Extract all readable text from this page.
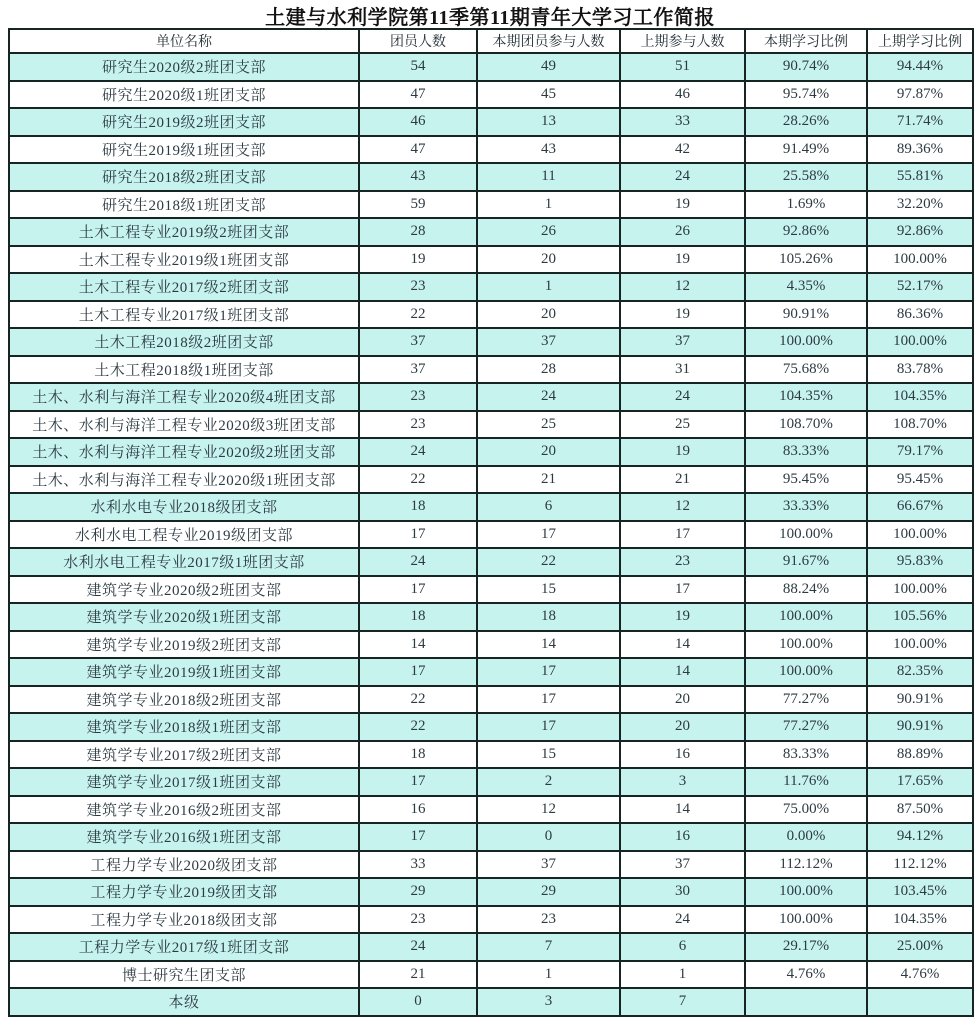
土建与水利学院第11季第11期青年大学习工作简报
单位名称	团员人数	本期团员参与人数	上期参与人数	本期学习比例	上期学习比例
研究生2020级2班团支部	54	49	51	90.74%	94.44%
研究生2020级1班团支部	47	45	46	95.74%	97.87%
研究生2019级2班团支部	46	13	33	28.26%	71.74%
研究生2019级1班团支部	47	43	42	91.49%	89.36%
研究生2018级2班团支部	43	11	24	25.58%	55.81%
研究生2018级1班团支部	59	1	19	1.69%	32.20%
土木工程专业2019级2班团支部	28	26	26	92.86%	92.86%
土木工程专业2019级1班团支部	19	20	19	105.26%	100.00%
土木工程专业2017级2班团支部	23	1	12	4.35%	52.17%
土木工程专业2017级1班团支部	22	20	19	90.91%	86.36%
土木工程2018级2班团支部	37	37	37	100.00%	100.00%
土木工程2018级1班团支部	37	28	31	75.68%	83.78%
土木、水利与海洋工程专业2020级4班团支部	23	24	24	104.35%	104.35%
土木、水利与海洋工程专业2020级3班团支部	23	25	25	108.70%	108.70%
土木、水利与海洋工程专业2020级2班团支部	24	20	19	83.33%	79.17%
土木、水利与海洋工程专业2020级1班团支部	22	21	21	95.45%	95.45%
水利水电专业2018级团支部	18	6	12	33.33%	66.67%
水利水电工程专业2019级团支部	17	17	17	100.00%	100.00%
水利水电工程专业2017级1班团支部	24	22	23	91.67%	95.83%
建筑学专业2020级2班团支部	17	15	17	88.24%	100.00%
建筑学专业2020级1班团支部	18	18	19	100.00%	105.56%
建筑学专业2019级2班团支部	14	14	14	100.00%	100.00%
建筑学专业2019级1班团支部	17	17	14	100.00%	82.35%
建筑学专业2018级2班团支部	22	17	20	77.27%	90.91%
建筑学专业2018级1班团支部	22	17	20	77.27%	90.91%
建筑学专业2017级2班团支部	18	15	16	83.33%	88.89%
建筑学专业2017级1班团支部	17	2	3	11.76%	17.65%
建筑学专业2016级2班团支部	16	12	14	75.00%	87.50%
建筑学专业2016级1班团支部	17	0	16	0.00%	94.12%
工程力学专业2020级团支部	33	37	37	112.12%	112.12%
工程力学专业2019级团支部	29	29	30	100.00%	103.45%
工程力学专业2018级团支部	23	23	24	100.00%	104.35%
工程力学专业2017级1班团支部	24	7	6	29.17%	25.00%
博士研究生团支部	21	1	1	4.76%	4.76%
本级	0	3	7		
